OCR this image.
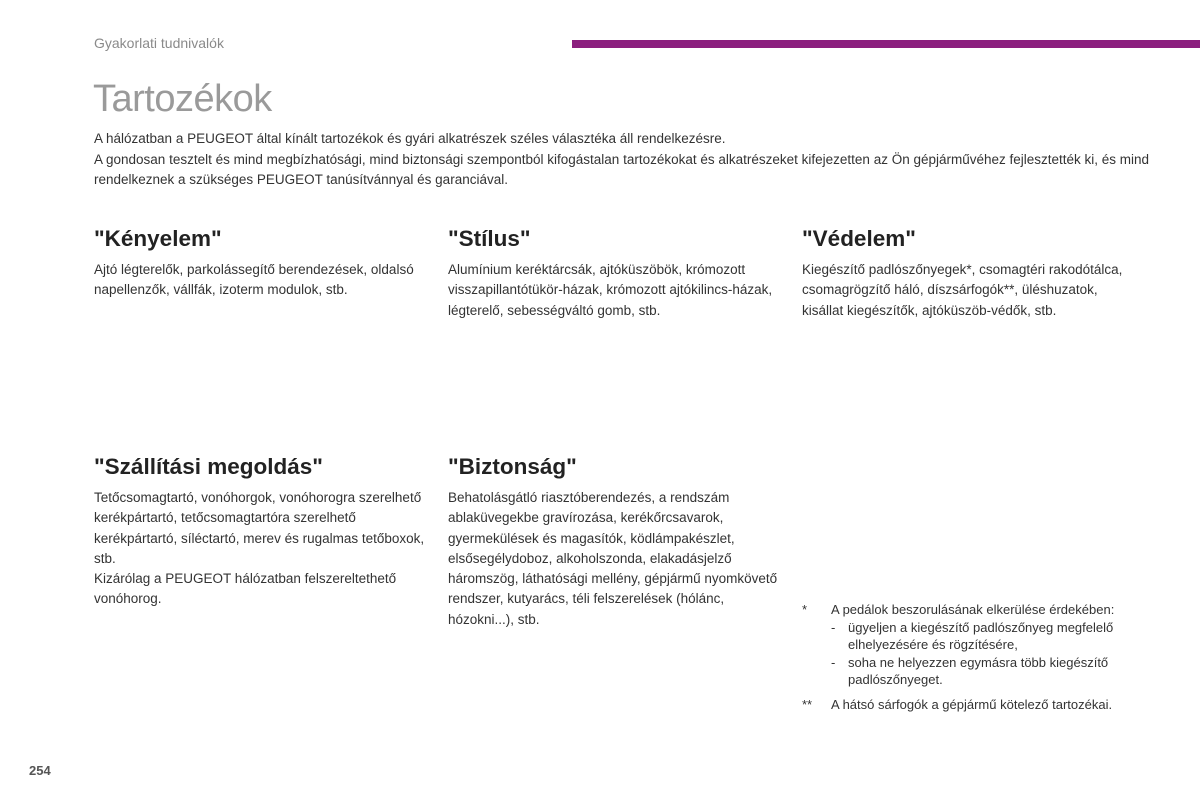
Gyakorlati tudnivalók
Tartozékok

A hálózatban a PEUGEOT által kínált tartozékok és gyári alkatrészek széles választéka áll rendelkezésre.

A gondosan tesztelt és mind megbízhatósági, mind biztonsági szempontból kifogástalan tartozékokat és alkatrészeket kifejezetten az Ön gépjárművéhez fejlesztették ki, és mind rendelkeznek a szükséges PEUGEOT tanúsítvánnyal és garanciával.

"Kényelem"

Ajtó légterelők, parkolássegítő berendezések, oldalsó napellenzők, vállfák, izoterm modulok, stb.

"Stílus"

Alumínium keréktárcsák, ajtóküszöbök, krómozott visszapillantótükör-házak, krómozott ajtókilincs-házak, légterelő, sebességváltó gomb, stb.

"Védelem"

Kiegészítő padlószőnyegek*, csomagtéri rakodótálca, csomagrögzítő háló, díszsárfogók**, üléshuzatok, kisállat kiegészítők, ajtóküszöb-védők, stb.

"Szállítási megoldás"

Tetőcsomagtartó, vonóhorgok, vonóhorogra szerelhető kerékpártartó, tetőcsomagtartóra szerelhető kerékpártartó, síléctartó, merev és rugalmas tetőboxok, stb.

Kizárólag a PEUGEOT hálózatban felszereltethető vonóhorog.

"Biztonság"

Behatolásgátló riasztóberendezés, a rendszám ablaküvegekbe gravírozása, kerékőrcsavarok, gyermekülések és magasítók, ködlámpakészlet, elsősegélydoboz, alkoholszonda, elakadásjelző háromszög, láthatósági mellény, gépjármű nyomkövető rendszer, kutyarács, téli felszerelések (hólánc, hózokni...), stb.

*	A pedálok beszorulásának elkerülése érdekében:
- ügyeljen a kiegészítő padlószőnyeg megfelelő elhelyezésére és rögzítésére,
- soha ne helyezzen egymásra több kiegészítő padlószőnyeget.
**	A hátsó sárfogók a gépjármű kötelező tartozékai.
254
